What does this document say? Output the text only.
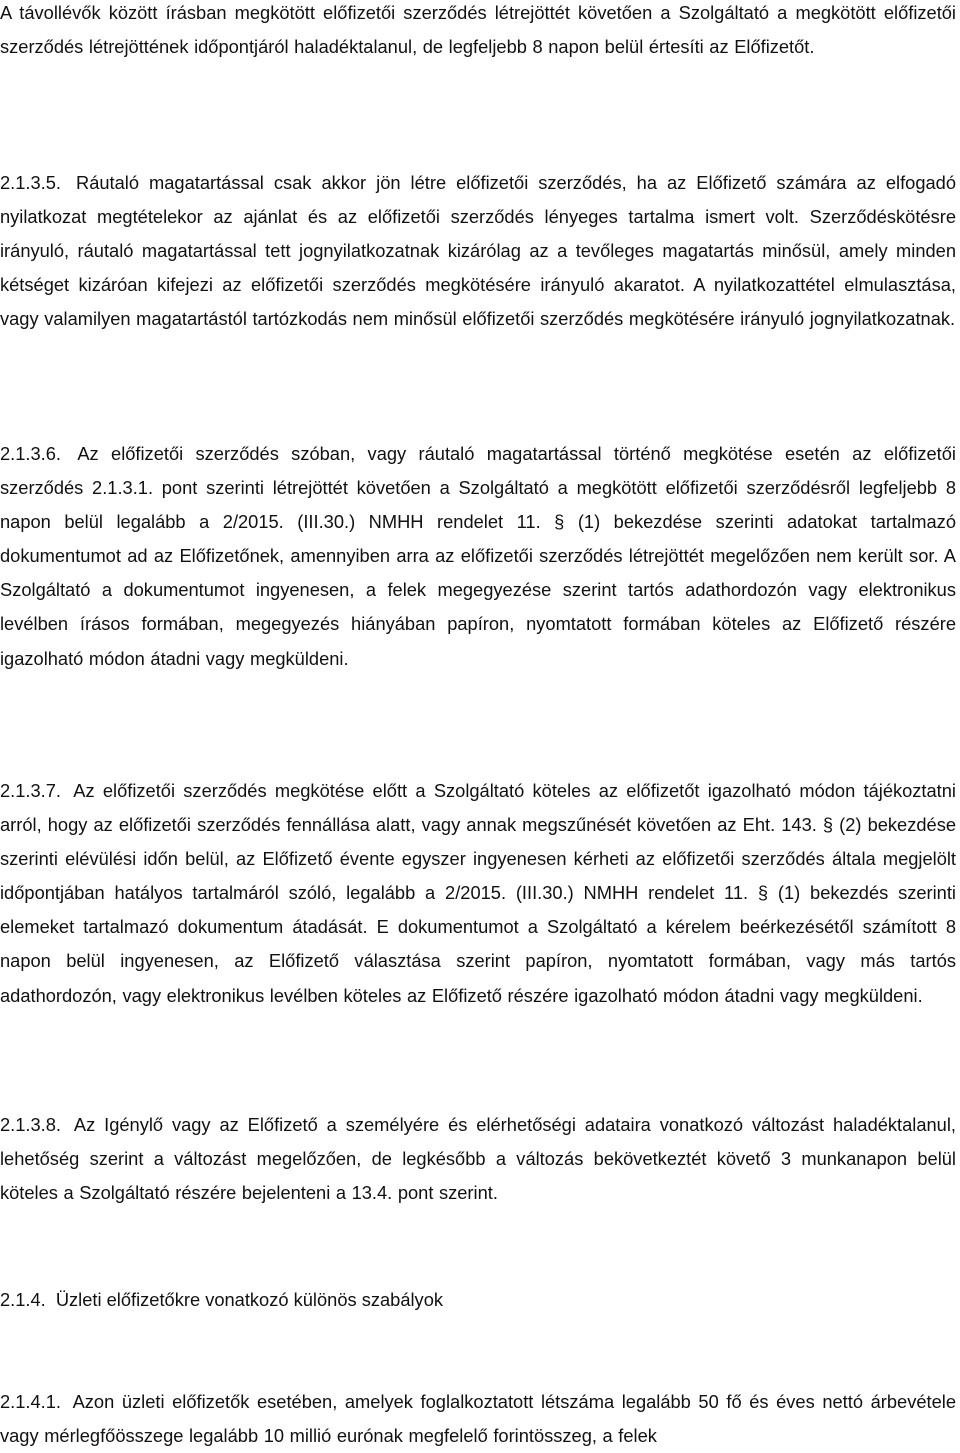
A távollévők között írásban megkötött előfizetői szerződés létrejöttét követően a Szolgáltató a megkötött előfizetői szerződés létrejöttének időpontjáról haladéktalanul, de legfeljebb 8 napon belül értesíti az Előfizetőt.

2.1.3.5. Ráutaló magatartással csak akkor jön létre előfizetői szerződés, ha az Előfizető számára az elfogadó nyilatkozat megtételekor az ajánlat és az előfizetői szerződés lényeges tartalma ismert volt. Szerződéskötésre irányuló, ráutaló magatartással tett jognyilatkozatnak kizárólag az a tevőleges magatartás minősül, amely minden kétséget kizáróan kifejezi az előfizetői szerződés megkötésére irányuló akaratot. A nyilatkozattétel elmulasztása, vagy valamilyen magatartástól tartózkodás nem minősül előfizetői szerződés megkötésére irányuló jognyilatkozatnak.

2.1.3.6. Az előfizetői szerződés szóban, vagy ráutaló magatartással történő megkötése esetén az előfizetői szerződés 2.1.3.1. pont szerinti létrejöttét követően a Szolgáltató a megkötött előfizetői szerződésről legfeljebb 8 napon belül legalább a 2/2015. (III.30.) NMHH rendelet 11. § (1) bekezdése szerinti adatokat tartalmazó dokumentumot ad az Előfizetőnek, amennyiben arra az előfizetői szerződés létrejöttét megelőzően nem került sor. A Szolgáltató a dokumentumot ingyenesen, a felek megegyezése szerint tartós adathordozón vagy elektronikus levélben írásos formában, megegyezés hiányában papíron, nyomtatott formában köteles az Előfizető részére igazolható módon átadni vagy megküldeni.

2.1.3.7. Az előfizetői szerződés megkötése előtt a Szolgáltató köteles az előfizetőt igazolható módon tájékoztatni arról, hogy az előfizetői szerződés fennállása alatt, vagy annak megszűnését követően az Eht. 143. § (2) bekezdése szerinti elévülési időn belül, az Előfizető évente egyszer ingyenesen kérheti az előfizetői szerződés általa megjelölt időpontjában hatályos tartalmáról szóló, legalább a 2/2015. (III.30.) NMHH rendelet 11. § (1) bekezdés szerinti elemeket tartalmazó dokumentum átadását. E dokumentumot a Szolgáltató a kérelem beérkezésétől számított 8 napon belül ingyenesen, az Előfizető választása szerint papíron, nyomtatott formában, vagy más tartós adathordozón, vagy elektronikus levélben köteles az Előfizető részére igazolható módon átadni vagy megküldeni.

2.1.3.8. Az Igénylő vagy az Előfizető a személyére és elérhetőségi adataira vonatkozó változást haladéktalanul, lehetőség szerint a változást megelőzően, de legkésőbb a változás bekövetkeztét követő 3 munkanapon belül köteles a Szolgáltató részére bejelenteni a 13.4. pont szerint.

2.1.4. Üzleti előfizetőkre vonatkozó különös szabályok

2.1.4.1. Azon üzleti előfizetők esetében, amelyek foglalkoztatott létszáma legalább 50 fő és éves nettó árbevétele vagy mérlegfőösszege legalább 10 millió eurónak megfelelő forintösszeg, a felek
